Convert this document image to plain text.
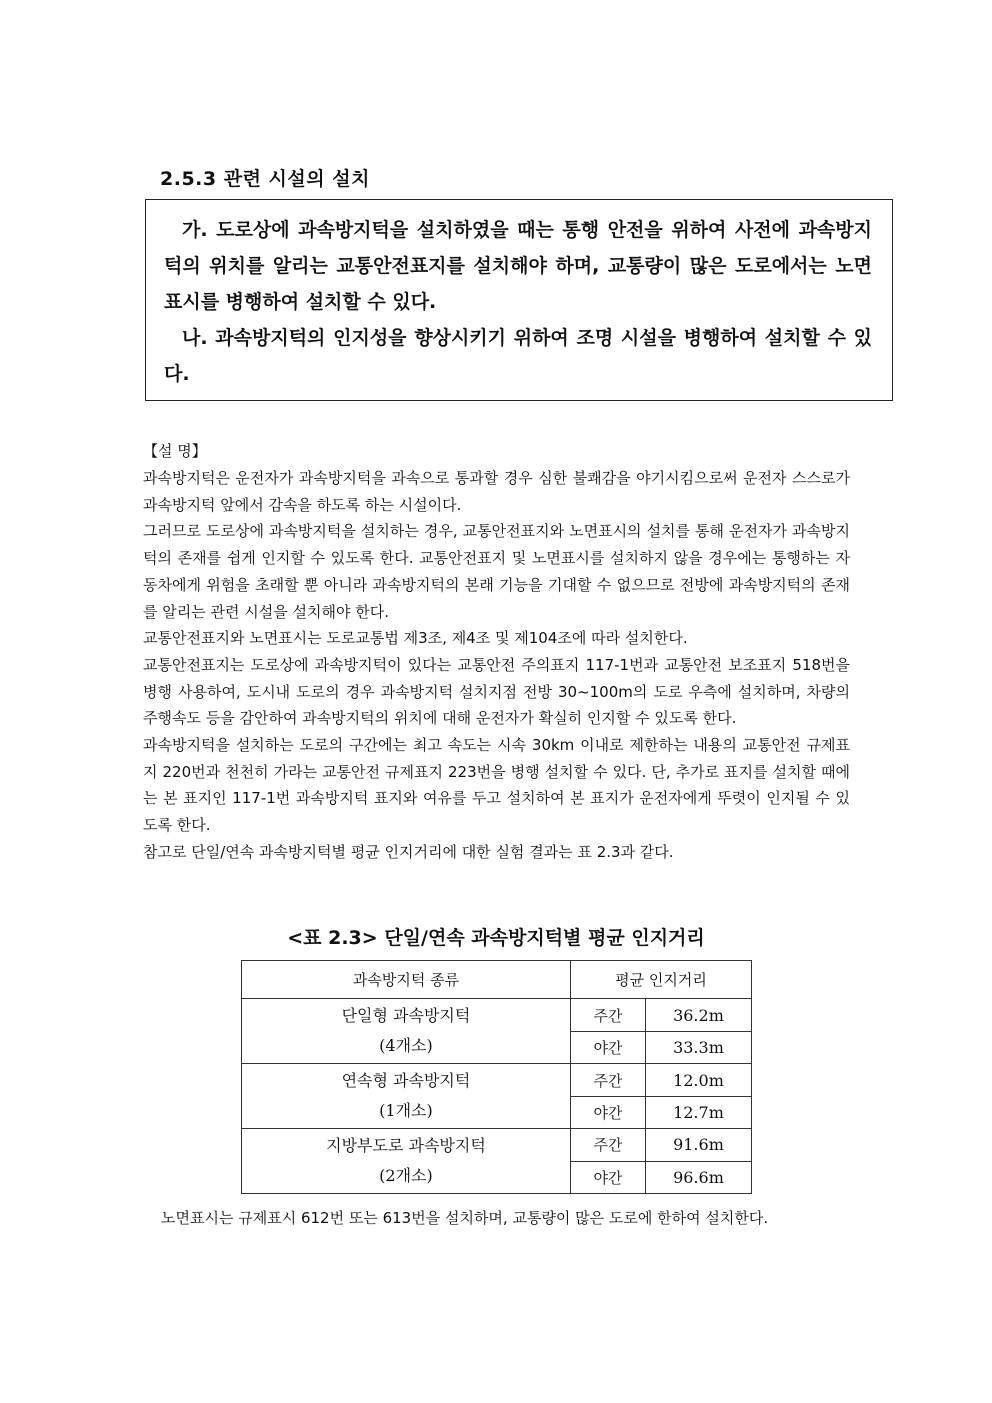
2.5.3 관련 시설의 설치

가. 도로상에 과속방지턱을 설치하였을 때는 통행 안전을 위하여 사전에 과속방지턱의 위치를 알리는 교통안전표지를 설치해야 하며, 교통량이 많은 도로에서는 노면표시를 병행하여 설치할 수 있다.

나. 과속방지턱의 인지성을 향상시키기 위하여 조명 시설을 병행하여 설치할 수 있다.

【설 명】

과속방지턱은 운전자가 과속방지턱을 과속으로 통과할 경우 심한 불쾌감을 야기시킴으로써 운전자 스스로가 과속방지턱 앞에서 감속을 하도록 하는 시설이다.

그러므로 도로상에 과속방지턱을 설치하는 경우, 교통안전표지와 노면표시의 설치를 통해 운전자가 과속방지턱의 존재를 쉽게 인지할 수 있도록 한다. 교통안전표지 및 노면표시를 설치하지 않을 경우에는 통행하는 자동차에게 위험을 초래할 뿐 아니라 과속방지턱의 본래 기능을 기대할 수 없으므로 전방에 과속방지턱의 존재를 알리는 관련 시설을 설치해야 한다.

교통안전표지와 노면표시는 도로교통법 제3조, 제4조 및 제104조에 따라 설치한다.

교통안전표지는 도로상에 과속방지턱이 있다는 교통안전 주의표지 117-1번과 교통안전 보조표지 518번을 병행 사용하여, 도시내 도로의 경우 과속방지턱 설치지점 전방 30~100m의 도로 우측에 설치하며, 차량의 주행속도 등을 감안하여 과속방지턱의 위치에 대해 운전자가 확실히 인지할 수 있도록 한다.

과속방지턱을 설치하는 도로의 구간에는 최고 속도는 시속 30km 이내로 제한하는 내용의 교통안전 규제표지 220번과 천천히 가라는 교통안전 규제표지 223번을 병행 설치할 수 있다. 단, 추가로 표지를 설치할 때에는 본 표지인 117-1번 과속방지턱 표지와 여유를 두고 설치하여 본 표지가 운전자에게 뚜렷이 인지될 수 있도록 한다.

참고로 단일/연속 과속방지턱별 평균 인지거리에 대한 실험 결과는 표 2.3과 같다.

<표 2.3> 단일/연속 과속방지턱별 평균 인지거리
과속방지턱 종류	평균 인지거리	

단일형 과속방지턱
(4개소)	주간	36.2m
	야간	33.3m

연속형 과속방지턱
(1개소)	주간	12.0m
	야간	12.7m

지방부도로 과속방지턱
(2개소)	주간	91.6m
	야간	96.6m

노면표시는 규제표시 612번 또는 613번을 설치하며, 교통량이 많은 도로에 한하여 설치한다.
